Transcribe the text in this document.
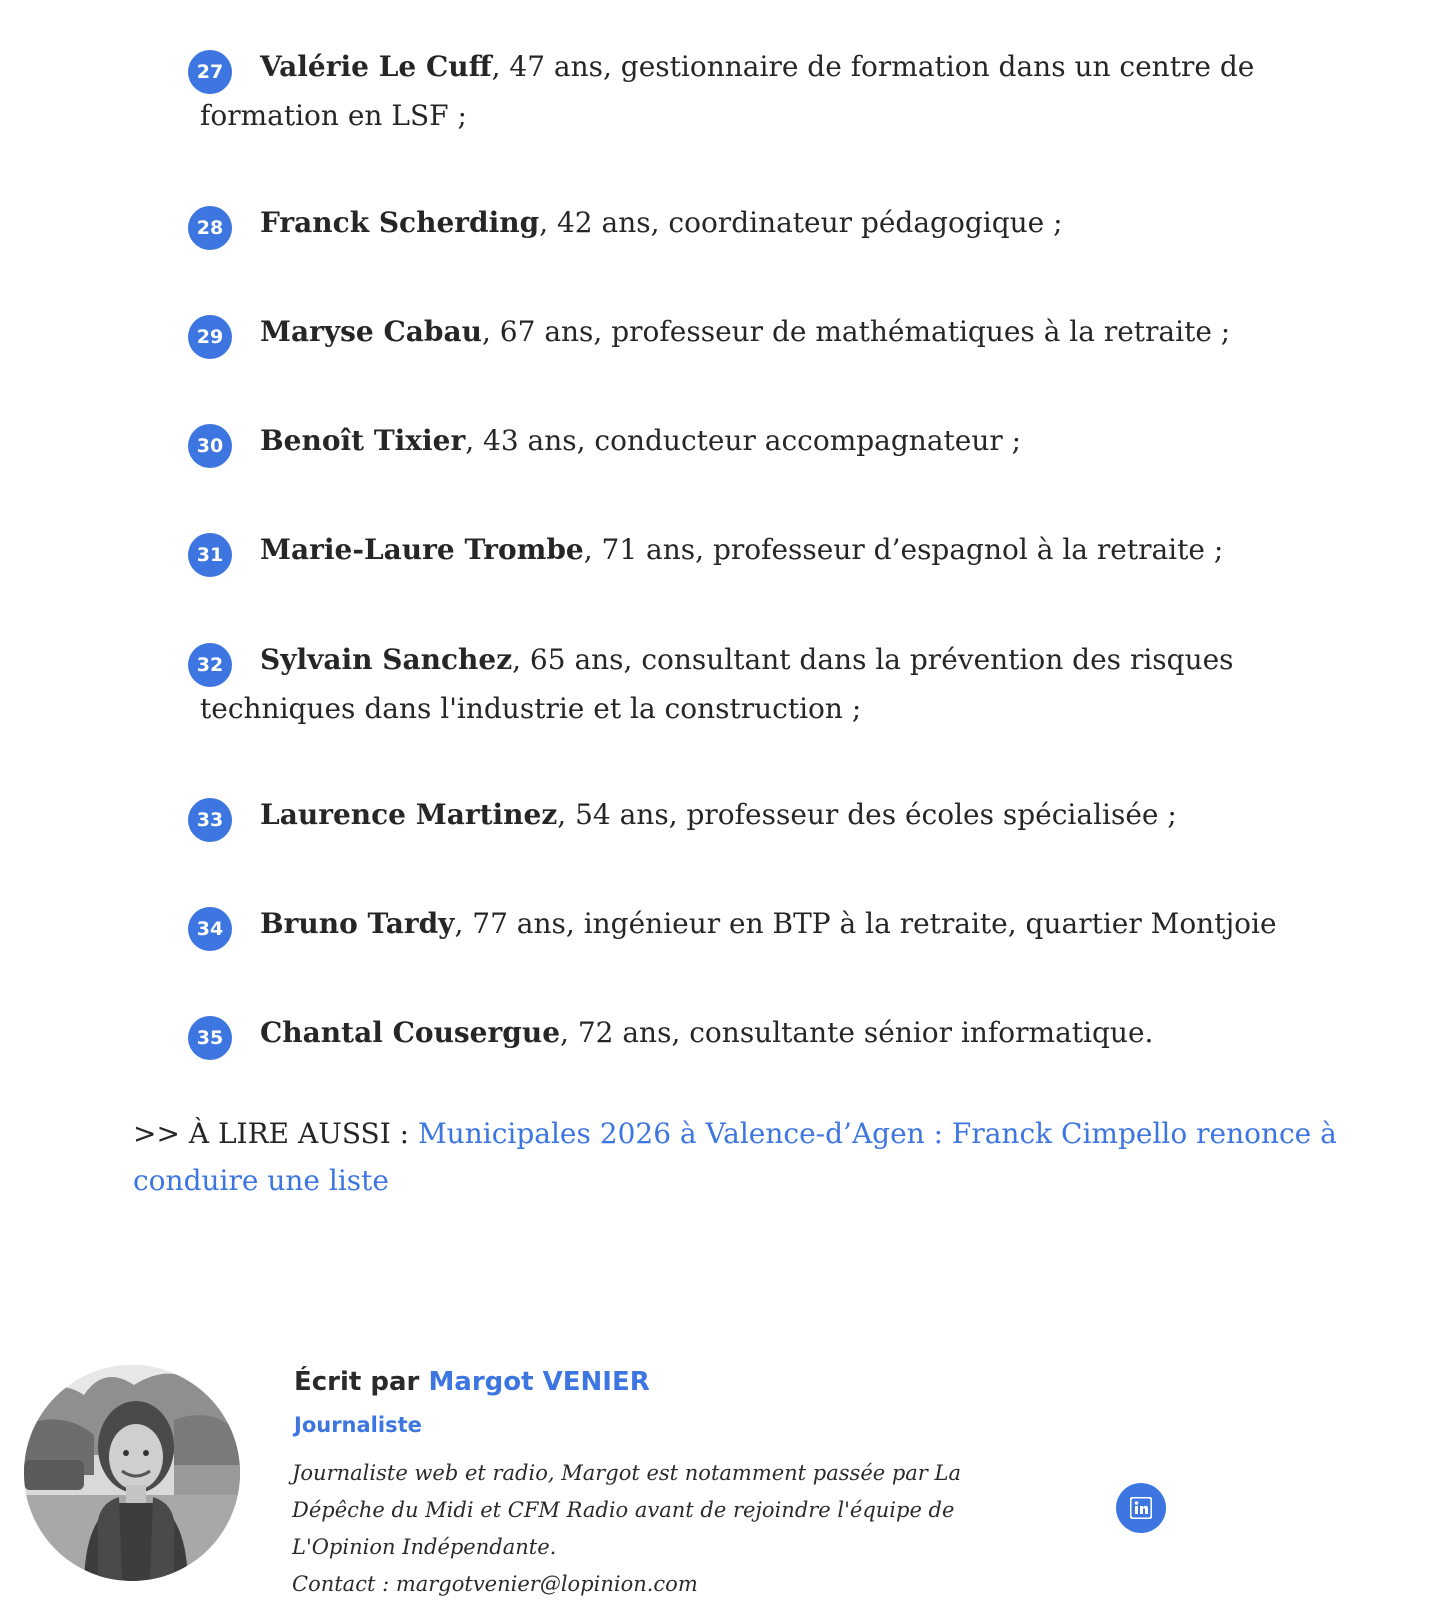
27	Valérie Le Cuff, 47 ans, gestionnaire de formation dans un centre de formation en LSF ;

28	Franck Scherding, 42 ans, coordinateur pédagogique ;

29	Maryse Cabau, 67 ans, professeur de mathématiques à la retraite ;

30	Benoît Tixier, 43 ans, conducteur accompagnateur ;

31	Marie-Laure Trombe, 71 ans, professeur d’espagnol à la retraite ;

32	Sylvain Sanchez, 65 ans, consultant dans la prévention des risques techniques dans l'industrie et la construction ;

33	Laurence Martinez, 54 ans, professeur des écoles spécialisée ;

34	Bruno Tardy, 77 ans, ingénieur en BTP à la retraite, quartier Montjoie

35	Chantal Cousergue, 72 ans, consultante sénior informatique.

>> À LIRE AUSSI : Municipales 2026 à Valence-d’Agen : Franck Cimpello renonce à conduire une liste

Écrit par Margot VENIER

Journaliste

Journaliste web et radio, Margot est notamment passée par La Dépêche du Midi et CFM Radio avant de rejoindre l'équipe de L'Opinion Indépendante.
Contact : margotvenier@lopinion.com
